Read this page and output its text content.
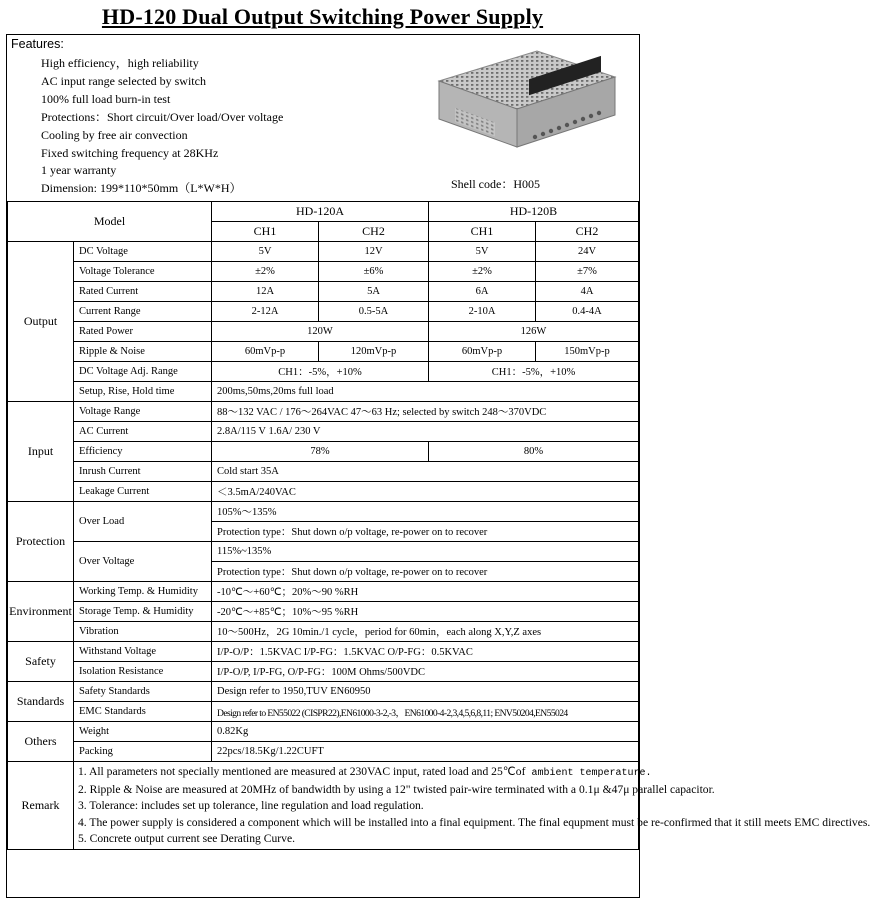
HD-120 Dual Output Switching Power Supply
Features:
High efficiency，high reliability
AC input range selected by switch
100% full load burn-in test
Protections：Short circuit/Over load/Over voltage
Cooling by free air convection
Fixed switching frequency at 28KHz
1 year warranty
Dimension: 199*110*50mm（L*W*H）	Shell code：H005
Model		HD-120A		HD-120B	
		CH1	CH2	CH1	CH2
Output	DC Voltage	5V	12V	5V	24V
	Voltage Tolerance	±2%	±6%	±2%	±7%
	Rated Current	12A	5A	6A	4A
	Current Range	2-12A	0.5-5A	2-10A	0.4-4A
	Rated Power	120W		126W	
	Ripple & Noise	60mVp-p	120mVp-p	60mVp-p	150mVp-p
	DC Voltage Adj. Range	CH1：-5%，+10%		CH1：-5%，+10%	
	Setup, Rise, Hold time	200ms,50ms,20ms full load			
Input	Voltage Range	88～132 VAC / 176～264VAC 47～63 Hz; selected by switch 248～370VDC			
	AC Current	2.8A/115 V 1.6A/ 230 V			
	Efficiency	78%		80%	
	Inrush Current	Cold start 35A			
	Leakage Current	＜3.5mA/240VAC			
Protection	Over Load	105%～135%			
		Protection type：Shut down o/p voltage, re-power on to recover			
	Over Voltage	115%~135%			
		Protection type：Shut down o/p voltage, re-power on to recover			
Environment	Working Temp. & Humidity	-10℃～+60℃；20%～90 %RH			
	Storage Temp. & Humidity	-20℃～+85℃；10%～95 %RH			
	Vibration	10～500Hz，2G 10min./1 cycle，period for 60min，each along X,Y,Z axes			
Safety	Withstand Voltage	I/P-O/P：1.5KVAC I/P-FG：1.5KVAC O/P-FG：0.5KVAC			
	Isolation Resistance	I/P-O/P, I/P-FG, O/P-FG：100M Ohms/500VDC			
Standards	Safety Standards	Design refer to 1950,TUV EN60950			
	EMC Standards	Design refer to EN55022 (CISPR22),EN61000-3-2,-3，EN61000-4-2,3,4,5,6,8,11; ENV50204,EN55024			
Others	Weight	0.82Kg			
	Packing	22pcs/18.5Kg/1.22CUFT			
Remark	1. All parameters not specially mentioned are measured at 230VAC input, rated load and 25℃of ambient temperature.

2. Ripple & Noise are measured at 20MHz of bandwidth by using a 12" twisted pair-wire terminated with a 0.1μ &47μ parallel capacitor.

3. Tolerance: includes set up tolerance, line regulation and load regulation.

4. The power supply is considered a component which will be installed into a final equipment. The final equpment must be re-confirmed that it still meets EMC directives.

5. Concrete output current see Derating Curve.				
